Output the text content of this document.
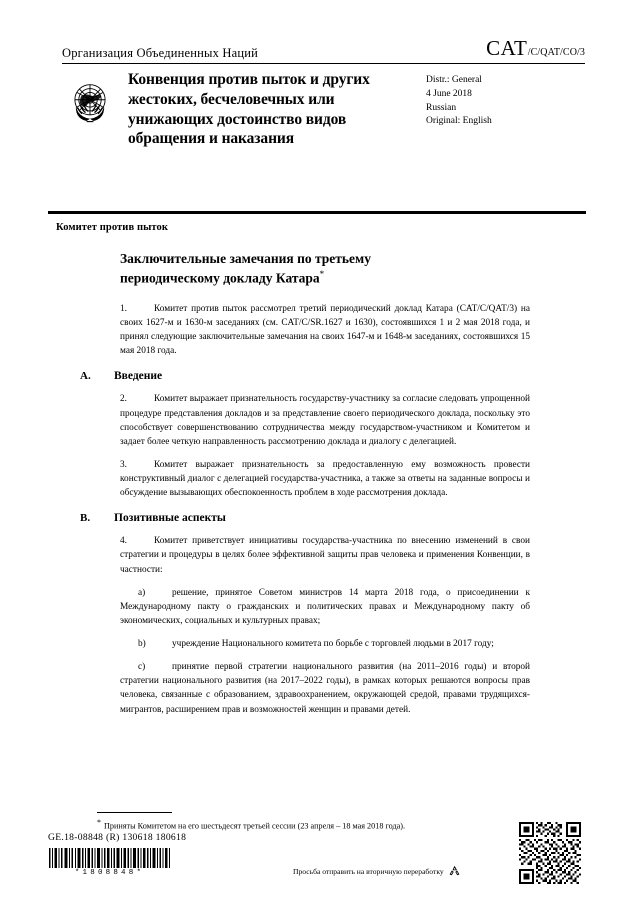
Организация Объединенных Наций	CAT /C/QAT/CO/3
Конвенция против пыток и других жестоких, бесчеловечных или унижающих достоинство видов обращения и наказания
Distr.: General
4 June 2018
Russian
Original: English
Комитет против пыток
Заключительные замечания по третьему периодическому докладу Катара*

1.	Комитет против пыток рассмотрел третий периодический доклад Катара (CAT/C/QAT/3) на своих 1627-м и 1630-м заседаниях (см. CAT/C/SR.1627 и 1630), состоявшихся 1 и 2 мая 2018 года, и принял следующие заключительные замечания на своих 1647-м и 1648-м заседаниях, состоявшихся 15 мая 2018 года.

A.	Введение

2.	Комитет выражает признательность государству-участнику за согласие следовать упрощенной процедуре представления докладов и за представление своего периодического доклада, поскольку это способствует совершенствованию сотрудничества между государством-участником и Комитетом и задает более четкую направленность рассмотрению доклада и диалогу с делегацией.

3.	Комитет выражает признательность за предоставленную ему возможность провести конструктивный диалог с делегацией государства-участника, а также за ответы на заданные вопросы и обсуждение вызывающих обеспокоенность проблем в ходе рассмотрения доклада.

B.	Позитивные аспекты

4.	Комитет приветствует инициативы государства-участника по внесению изменений в свои стратегии и процедуры в целях более эффективной защиты прав человека и применения Конвенции, в частности:

a)	решение, принятое Советом министров 14 марта 2018 года, о присоединении к Международному пакту о гражданских и политических правах и Международному пакту об экономических, социальных и культурных правах;

b)	учреждение Национального комитета по борьбе с торговлей людьми в 2017 году;

c)	принятие первой стратегии национального развития (на 2011–2016 годы) и второй стратегии национального развития (на 2017–2022 годы), в рамках которых решаются вопросы прав человека, связанные с образованием, здравоохранением, окружающей средой, правами трудящихся-мигрантов, расширением прав и возможностей женщин и правами детей.

* Приняты Комитетом на его шестьдесят третьей сессии (23 апреля – 18 мая 2018 года).
GE.18-08848 (R) 130618 180618
*1808848*	Просьба отправить на вторичную переработку
